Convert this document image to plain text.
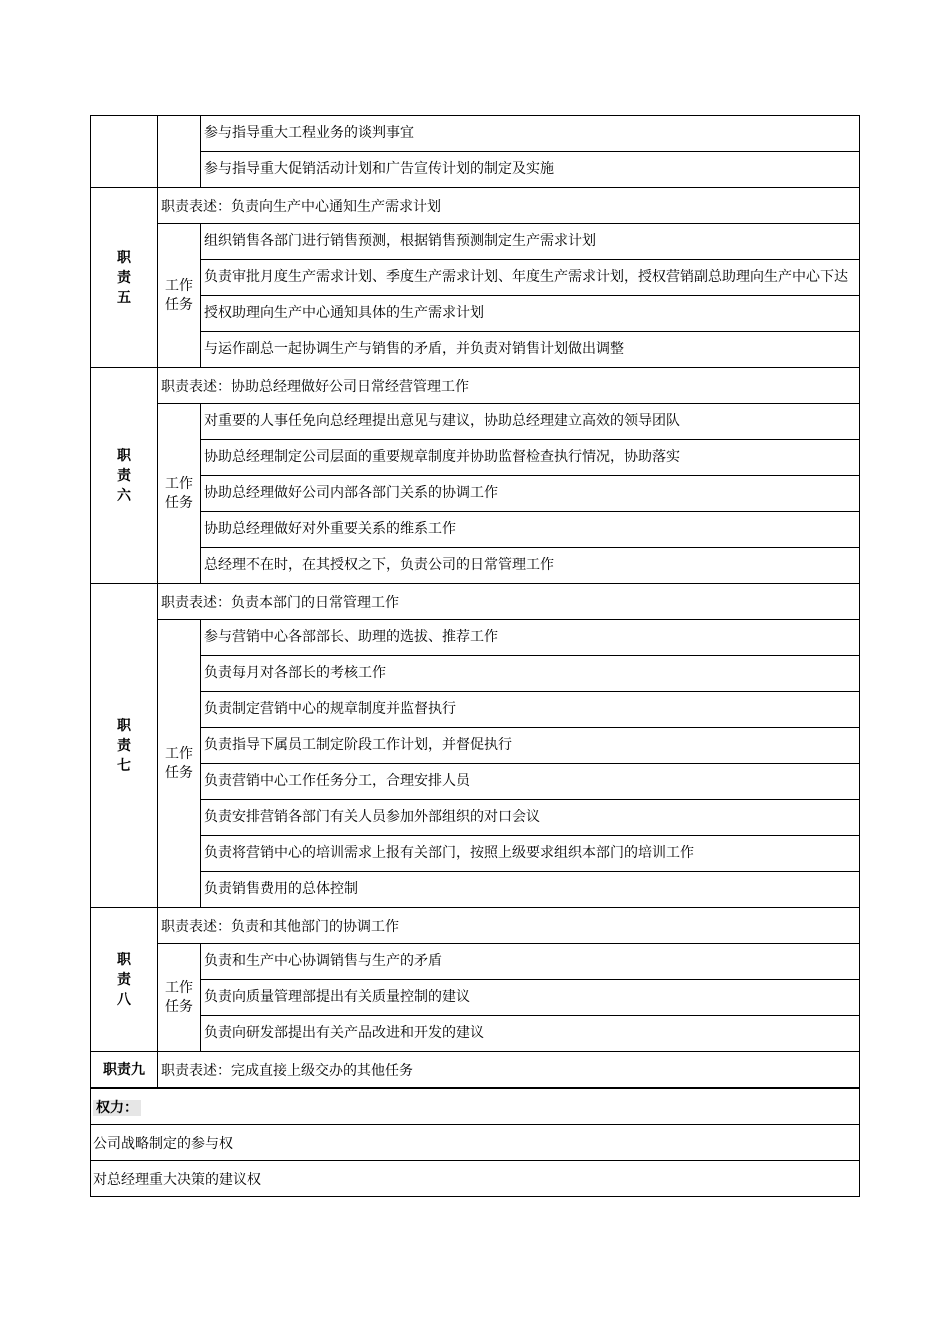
		参与指导重大工程业务的谈判事宜
		参与指导重大促销活动计划和广告宣传计划的制定及实施
职责五	职责表述：负责向生产中心通知生产需求计划	
	工作任务	组织销售各部门进行销售预测，根据销售预测制定生产需求计划
		负责审批月度生产需求计划、季度生产需求计划、年度生产需求计划，授权营销副总助理向生产中心下达
		授权助理向生产中心通知具体的生产需求计划
		与运作副总一起协调生产与销售的矛盾，并负责对销售计划做出调整
职责六	职责表述：协助总经理做好公司日常经营管理工作	
	工作任务	对重要的人事任免向总经理提出意见与建议，协助总经理建立高效的领导团队
		协助总经理制定公司层面的重要规章制度并协助监督检查执行情况，协助落实
		协助总经理做好公司内部各部门关系的协调工作
		协助总经理做好对外重要关系的维系工作
		总经理不在时，在其授权之下，负责公司的日常管理工作
职责七	职责表述：负责本部门的日常管理工作	
	工作任务	参与营销中心各部部长、助理的选拔、推荐工作
		负责每月对各部长的考核工作
		负责制定营销中心的规章制度并监督执行
		负责指导下属员工制定阶段工作计划，并督促执行
		负责营销中心工作任务分工，合理安排人员
		负责安排营销各部门有关人员参加外部组织的对口会议
		负责将营销中心的培训需求上报有关部门，按照上级要求组织本部门的培训工作
		负责销售费用的总体控制
职责八	职责表述：负责和其他部门的协调工作	
	工作任务	负责和生产中心协调销售与生产的矛盾
		负责向质量管理部提出有关质量控制的建议
		负责向研发部提出有关产品改进和开发的建议
职责九	职责表述：完成直接上级交办的其他任务	
权力：
公司战略制定的参与权
对总经理重大决策的建议权
